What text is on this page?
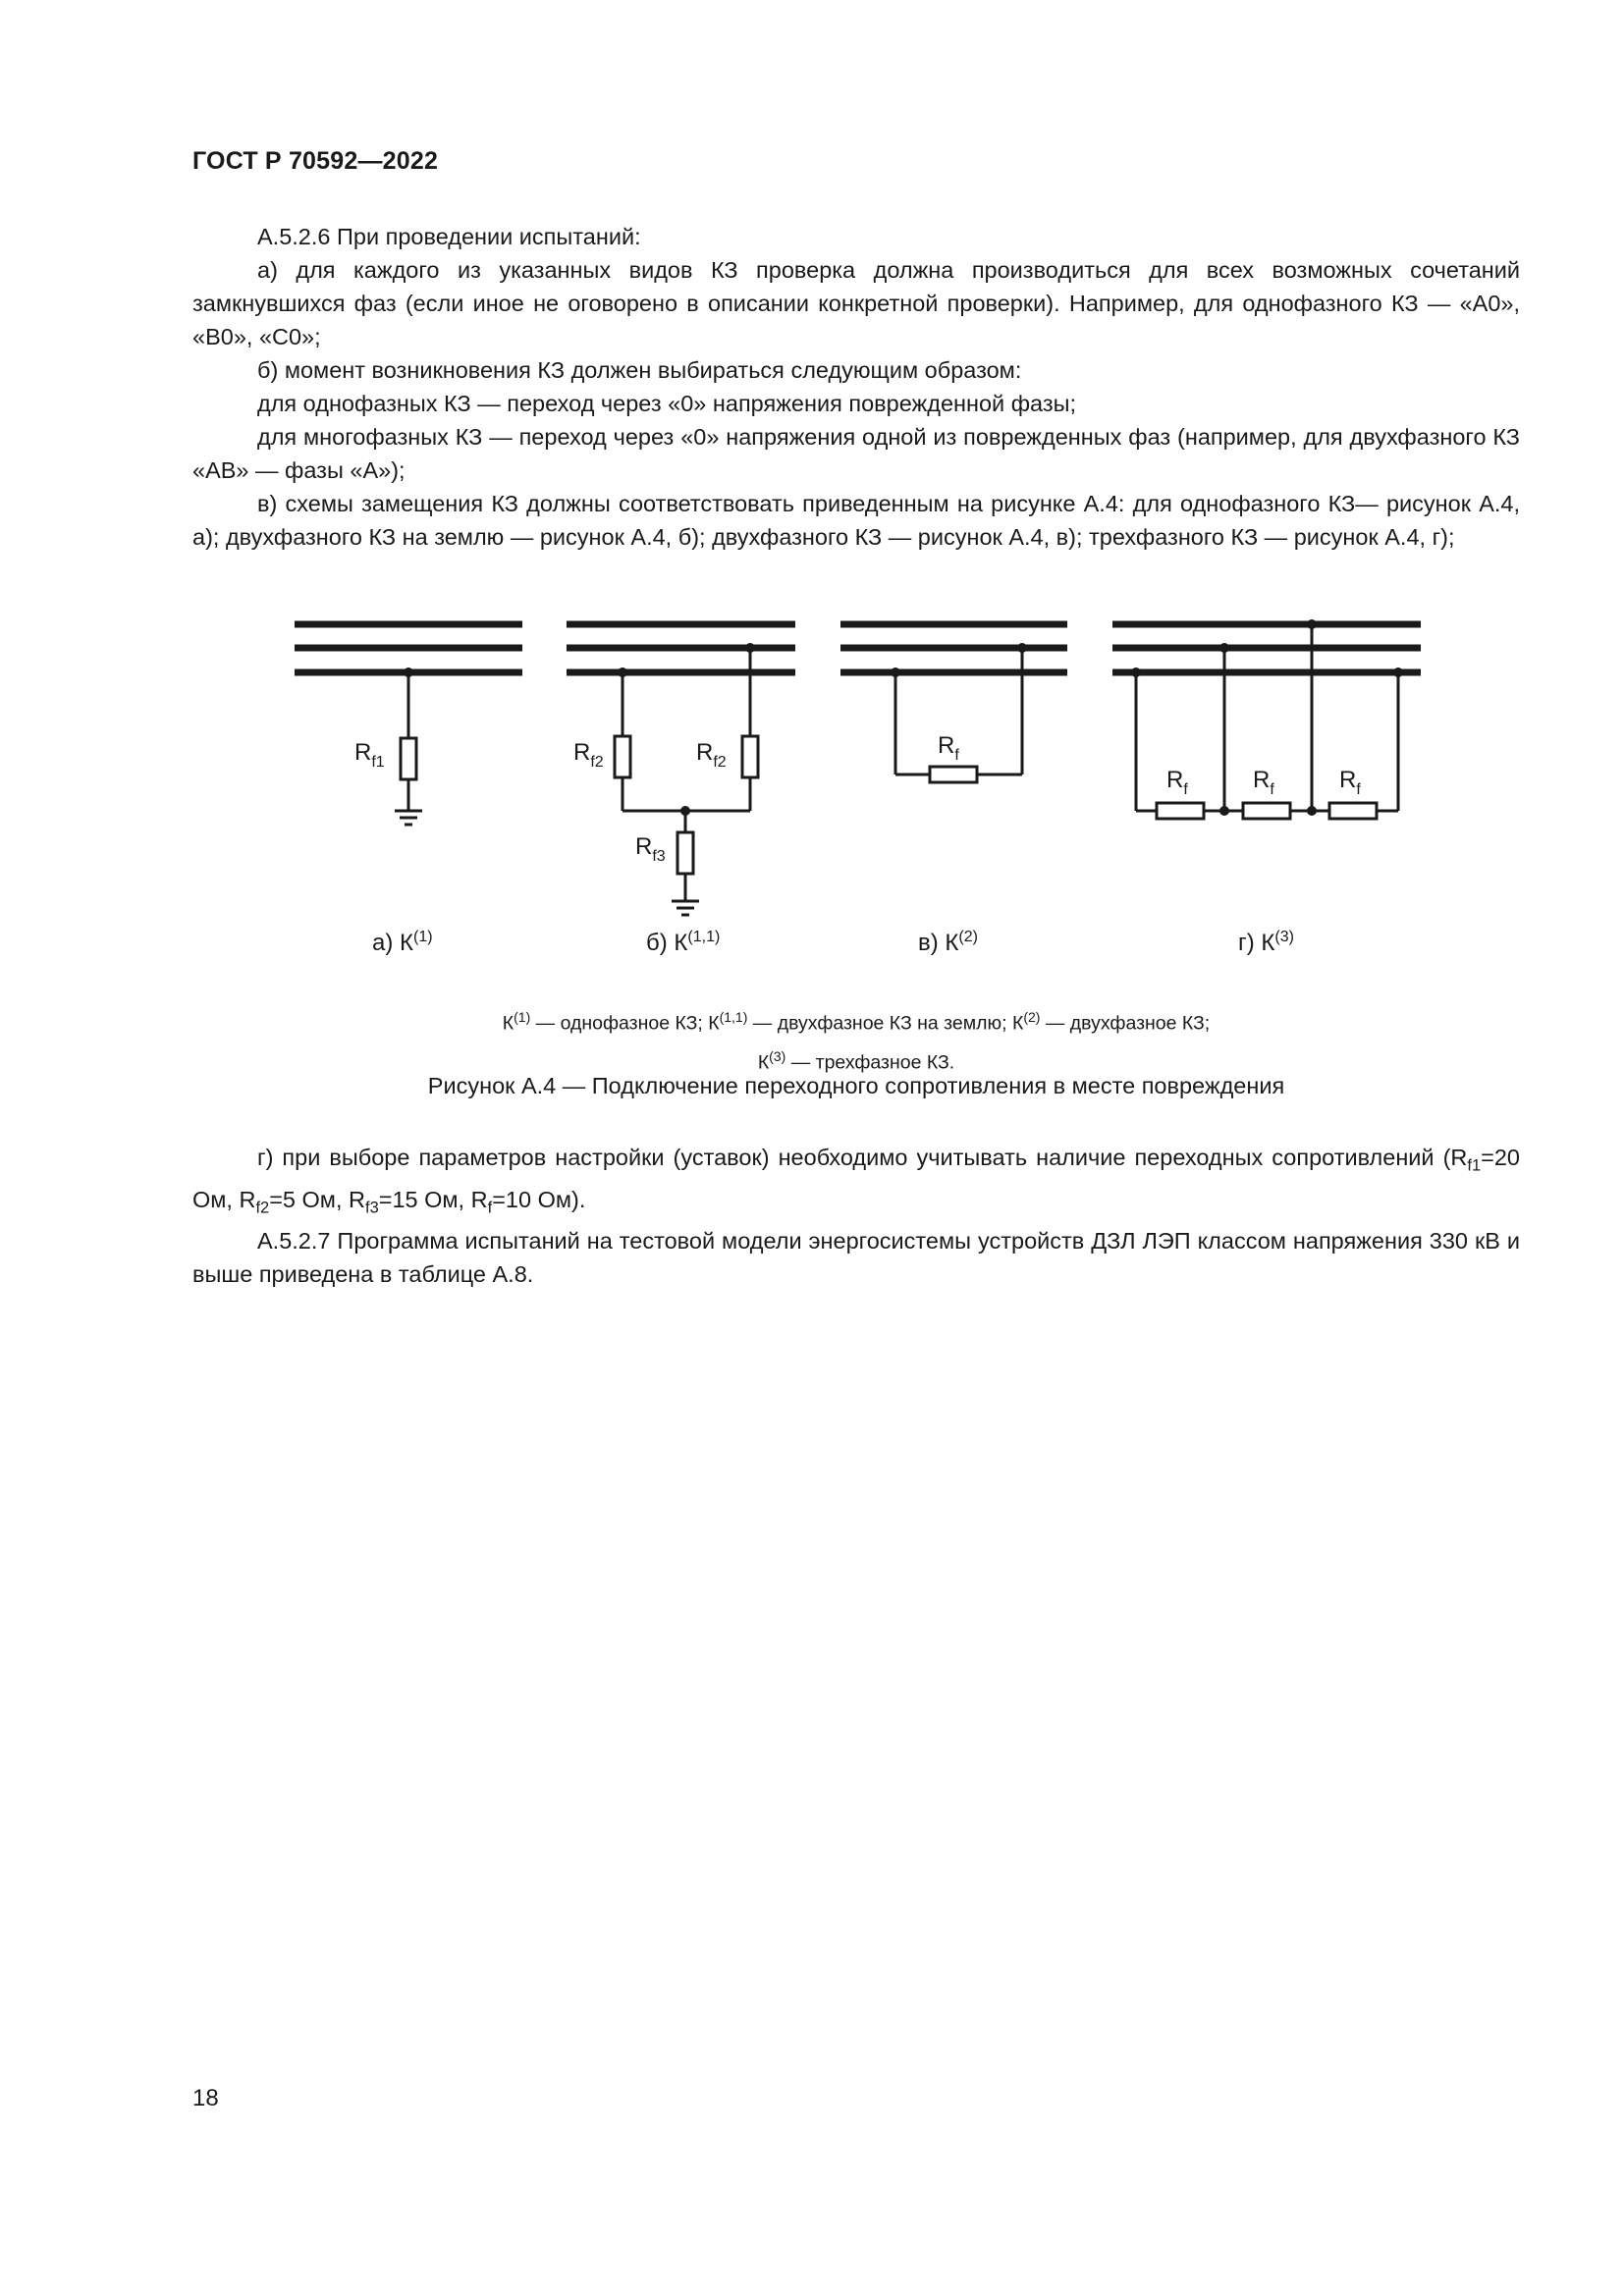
ГОСТ Р 70592—2022

А.5.2.6 При проведении испытаний:

а) для каждого из указанных видов КЗ проверка должна производиться для всех возможных сочетаний замкнувшихся фаз (если иное не оговорено в описании конкретной проверки). Например, для однофазного КЗ — «А0», «В0», «С0»;

б) момент возникновения КЗ должен выбираться следующим образом:

для однофазных КЗ — переход через «0» напряжения поврежденной фазы;

для многофазных КЗ — переход через «0» напряжения одной из поврежденных фаз (например, для двухфазного КЗ «АВ» — фазы «А»);

в) схемы замещения КЗ должны соответствовать приведенным на рисунке А.4: для однофазного КЗ— рисунок А.4, а); двухфазного КЗ на землю — рисунок А.4, б); двухфазного КЗ — рисунок А.4, в); трехфазного КЗ — рисунок А.4, г);

$R_{f1}$	$R_{f2}$	$R_{f2}$
$R_{f3}$
$R_f$
$R_f$	$R_f$	$R_f$
а) $К^{(1)}$	б) К$^{(1,1)}$	в) $К^{(2)}$	г) $К^{(3)}$
$К^{(1)}$ — однофазное КЗ; К$^{(1,1)}$ — двухфазное КЗ на землю; $К^{(2)}$ — двухфазное КЗ;
$К^{(3)}$ — трехфазное КЗ.
Рисунок А.4 — Подключение переходного сопротивления в месте повреждения

г) при выборе параметров настройки (уставок) необходимо учитывать наличие переходных сопротивлений ($R_{f1}=20$ Ом, $R_{f2}=5$ Ом, $R_{f3}=15$ Ом, $R_f=10$ Ом).

А.5.2.7 Программа испытаний на тестовой модели энергосистемы устройств ДЗЛ ЛЭП классом напряжения 330 кВ и выше приведена в таблице А.8.

18
